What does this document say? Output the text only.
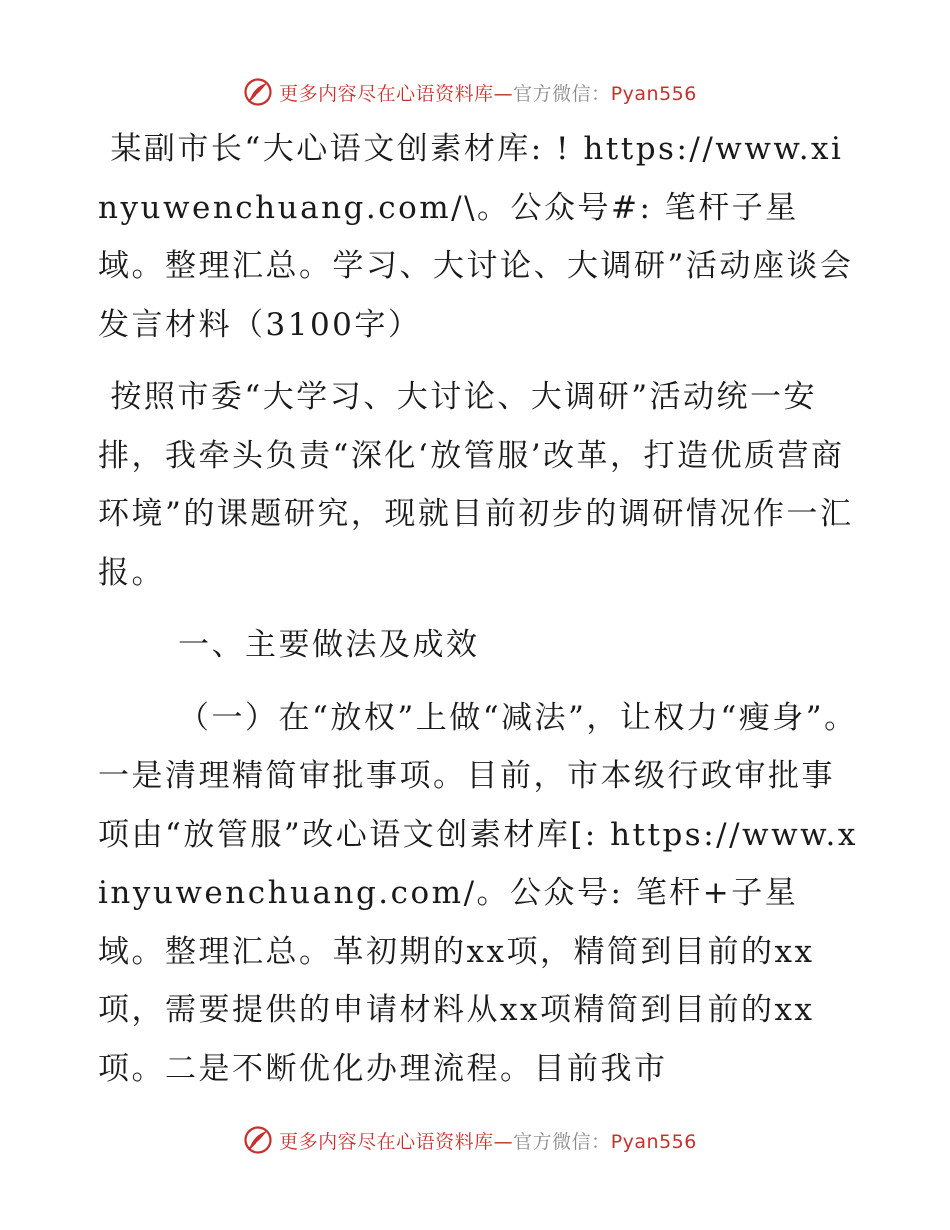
更多内容尽在心语资料库—官方微信：Pyan556

某副市长“大心语文创素材库: ! https://www.xinyuwenchuang.com/\。公众号#: 笔杆子星域。整理汇总。学习、大讨论、大调研”活动座谈会发言材料（3100字）

按照市委“大学习、大讨论、大调研”活动统一安排，我牵头负责“深化‘放管服’改革，打造优质营商环境”的课题研究，现就目前初步的调研情况作一汇报。

一、主要做法及成效

（一）在“放权”上做“减法”，让权力“瘦身”。一是清理精简审批事项。目前，市本级行政审批事项由“放管服”改心语文创素材库[: https://www.xinyuwenchuang.com/。公众号: 笔杆+子星域。整理汇总。革初期的xx项，精简到目前的xx项，需要提供的申请材料从xx项精简到目前的xx项。二是不断优化办理流程。目前我市

更多内容尽在心语资料库—官方微信：Pyan556
